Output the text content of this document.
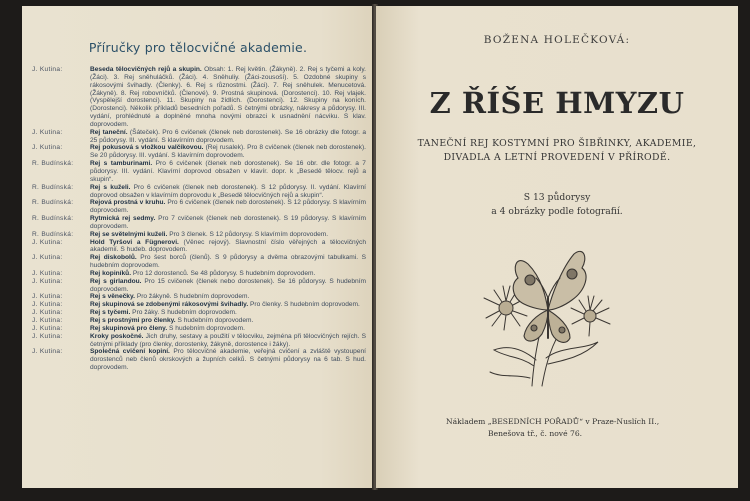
Příručky pro tělocvičné akademie.
J. Kutina:	Beseda tělocvičných rejů a skupin. Obsah: 1. Rej květin. (Žákyně). 2. Rej s tyčemi a koly. (Žáci). 3. Rej sněhuláčků. (Žáci). 4. Sněhuliy. (Žáci-zousoší). 5. Ozdobné skupiny s rákosovými švihadly. (Členky). 6. Rej s různostmi. (Žáci). 7. Rej sněhulek. Menucetová. (Žákyně). 8. Rej robovníčků. (Členové). 9. Prostná skupinová. (Dorostenci). 10. Rej vlajek. (Vyspělejší dorostenci). 11. Skupiny na žídlích. (Dorostenci). 12. Skupiny na koních. (Dorostenci). Několik příkladů besedních pořadů. S četnými obrázky, nákresy a půdorysy. III. vydání, prohlédnuté a doplněné mnoha novými obrazci k usnadnění nácviku. S klav. doprovodem.
J. Kutina:	Rej taneční. (Šáteček). Pro 6 cvičenek (členek neb dorostenek). Se 16 obrázky dle fotogr. a 25 půdorysy. III. vydání. S klavírním doprovodem.
J. Kutina:	Rej pokusová s vložkou valčíkovou. (Rej rusalek). Pro 8 cvičenek (členek neb dorostenek). Se 20 půdorysy. III. vydání. S klavírním doprovodem.
R. Budínská:	Rej s tamburinami. Pro 6 cvičenek (členek neb dorostenek). Se 16 obr. dle fotogr. a 7 půdorysy. III. vydání. Klavírní doprovod obsažen v klavír. dopr. k „Besedě tělocv. rejů a skupin“.
R. Budínská:	Rej s kuželi. Pro 6 cvičenek (členek neb dorostenek). S 12 půdorysy. II. vydání. Klavírní doprovod obsažen v klavírním doprovodu k „Besedě tělocvičných rejů a skupin“.
R. Budínská:	Rejová prostná v kruhu. Pro 6 cvičenek (členek neb dorostenek). S 12 půdorysy. S klavírním doprovodem.
R. Budínská:	Rytmická rej sedmy. Pro 7 cvičenek (členek neb dorostenek). S 19 půdorysy. S klavírním doprovodem.
R. Budínská:	Rej se světelnými kuželi. Pro 3 členek. S 12 půdorysy. S klavírním doprovodem.
J. Kutina:	Hold Tyršovi a Fügnerovi. (Věnec rejový). Slavnostní číslo věřejných a tělocvičných akademií. S hudeb. doprovodem.
J. Kutina:	Rej diskobolů. Pro šest borců (členů). S 9 půdorysy a dvěma obrazovými tabulkami. S hudebním doprovodem.
J. Kutina:	Rej kopiníků. Pro 12 dorostenců. Se 48 půdorysy. S hudebním doprovodem.
J. Kutina:	Rej s girlandou. Pro 15 cvičenek (členek nebo dorostenek). Se 16 půdorysy. S hudebním doprovodem.
J. Kutina:	Rej s věnečky. Pro žákyně. S hudebním doprovodem.
J. Kutina:	Rej skupinová se zdobenými rákosovými švihadly. Pro členky. S hudebním doprovodem.
J. Kutina:	Rej s tyčemi. Pro žáky. S hudebním doprovodem.
J. Kutina:	Rej s prostnými pro členky. S hudebním doprovodem.
J. Kutina:	Rej skupinová pro členy. S hudebním doprovodem.
J. Kutina:	Kroky poskočné. Jich druhy, sestavy a použití v tělocviku, zejména při tělocvičných rejích. S četnými příklady (pro členky, dorostenky, žákyně, dorostence i žáky).
J. Kutina:	Společná cvičení kopiní. Pro tělocvičné akademie, veřejná cvičení a zvláště vystoupení dorostenců neb členů okrskových a župních celků. S četnými půdorysy na 6 tab. S hud. doprovodem.
BOŽENA HOLEČKOVÁ:
Z ŘÍŠE HMYZU
TANEČNÍ REJ KOSTYMNÍ PRO ŠIBŘINKY, AKADEMIE, DIVADLA A LETNÍ PROVEDENÍ V PŘÍRODĚ.
S 13 půdorysy
a 4 obrázky podle fotografií.
Nákladem „BESEDNÍCH POŘADŮ“ v Praze-Nuslích II.,
Benešova tř., č. nové 76.
